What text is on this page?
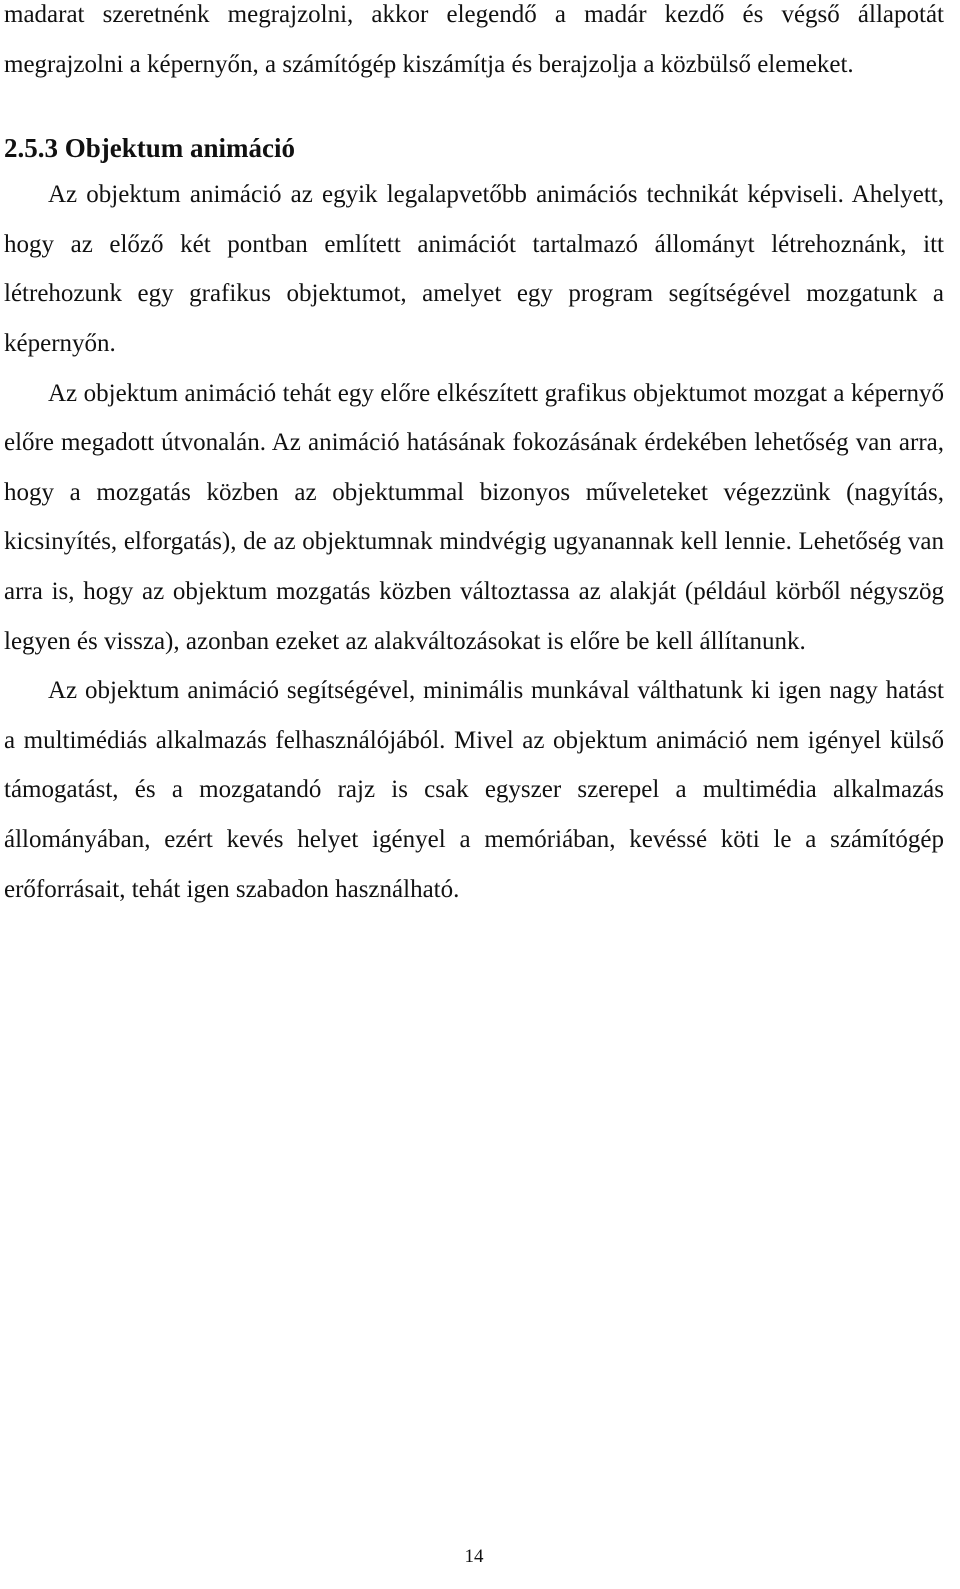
madarat szeretnénk megrajzolni, akkor elegendő a madár kezdő és végső állapotát megrajzolni a képernyőn, a számítógép kiszámítja és berajzolja a közbülső elemeket.

2.5.3 Objektum animáció

Az objektum animáció az egyik legalapvetőbb animációs technikát képviseli. Ahelyett, hogy az előző két pontban említett animációt tartalmazó állományt létrehoznánk, itt létrehozunk egy grafikus objektumot, amelyet egy program segítségével mozgatunk a képernyőn.

Az objektum animáció tehát egy előre elkészített grafikus objektumot mozgat a képernyő előre megadott útvonalán. Az animáció hatásának fokozásának érdekében lehetőség van arra, hogy a mozgatás közben az objektummal bizonyos műveleteket végezzünk (nagyítás, kicsinyítés, elforgatás), de az objektumnak mindvégig ugyanannak kell lennie. Lehetőség van arra is, hogy az objektum mozgatás közben változtassa az alakját (például körből négyszög legyen és vissza), azonban ezeket az alakváltozásokat is előre be kell állítanunk.

Az objektum animáció segítségével, minimális munkával válthatunk ki igen nagy hatást a multimédiás alkalmazás felhasználójából. Mivel az objektum animáció nem igényel külső támogatást, és a mozgatandó rajz is csak egyszer szerepel a multimédia alkalmazás állományában, ezért kevés helyet igényel a memóriában, kevéssé köti le a számítógép erőforrásait, tehát igen szabadon használható.

14
